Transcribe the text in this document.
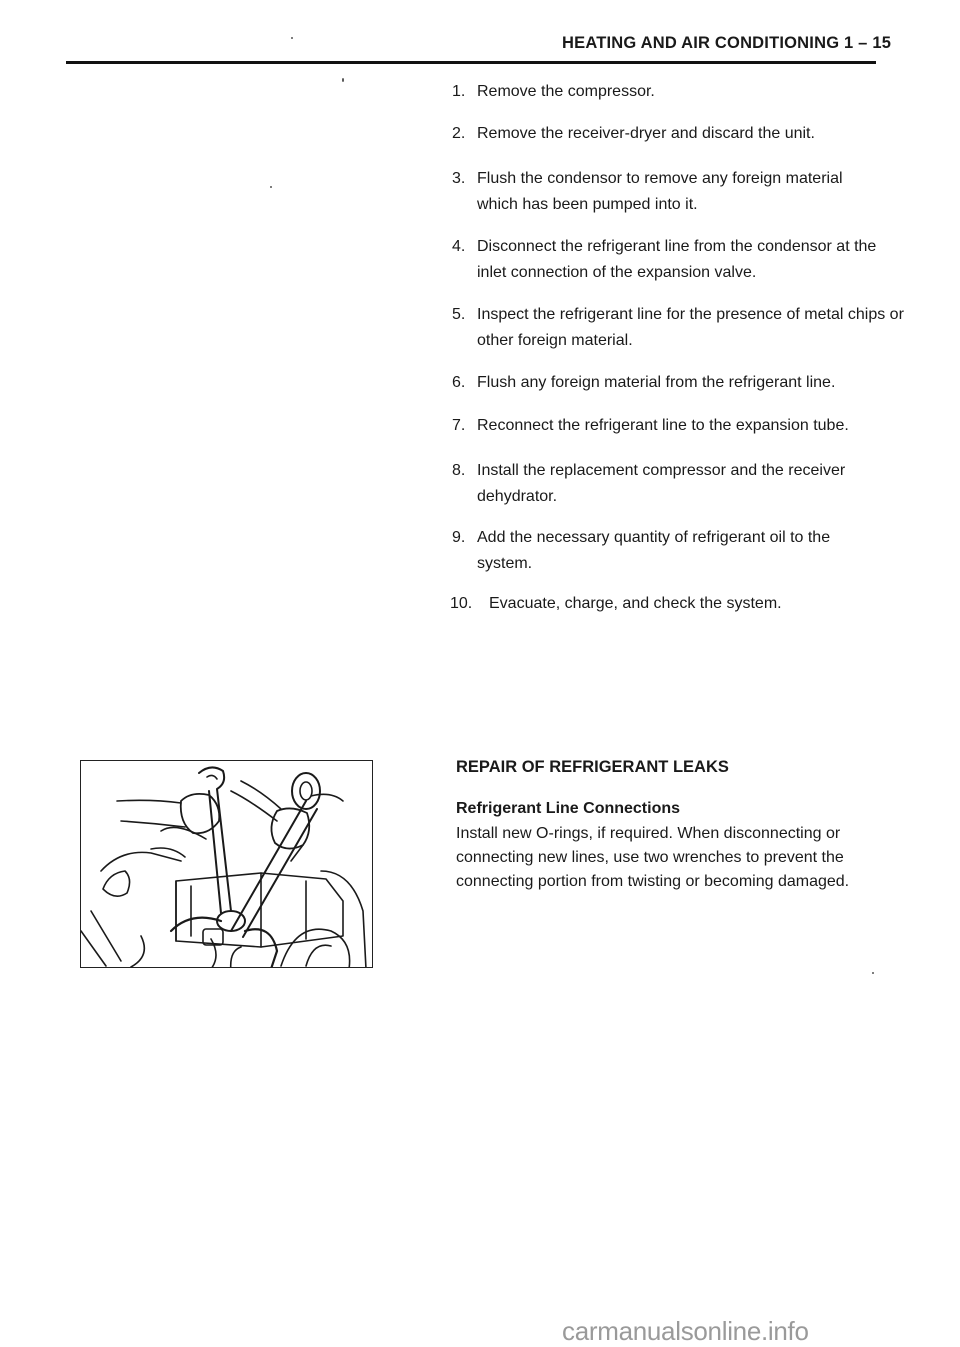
HEATING AND AIR CONDITIONING 1 – 15
1. Remove the compressor.
2. Remove the receiver-dryer and discard the unit.
3. Flush the condensor to remove any foreign material which has been pumped into it.
4. Disconnect the refrigerant line from the condensor at the inlet connection of the expansion valve.
5. Inspect the refrigerant line for the presence of metal chips or other foreign material.
6. Flush any foreign material from the refrigerant line.
7. Reconnect the refrigerant line to the expansion tube.
8. Install the replacement compressor and the receiver dehydrator.
9. Add the necessary quantity of refrigerant oil to the system.
10.	Evacuate, charge, and check the system.
REPAIR OF REFRIGERANT LEAKS
Refrigerant Line Connections
Install new O-rings, if required. When disconnecting or connecting new lines, use two wrenches to prevent the connecting portion from twisting or becoming damaged.
carmanualsonline.info
